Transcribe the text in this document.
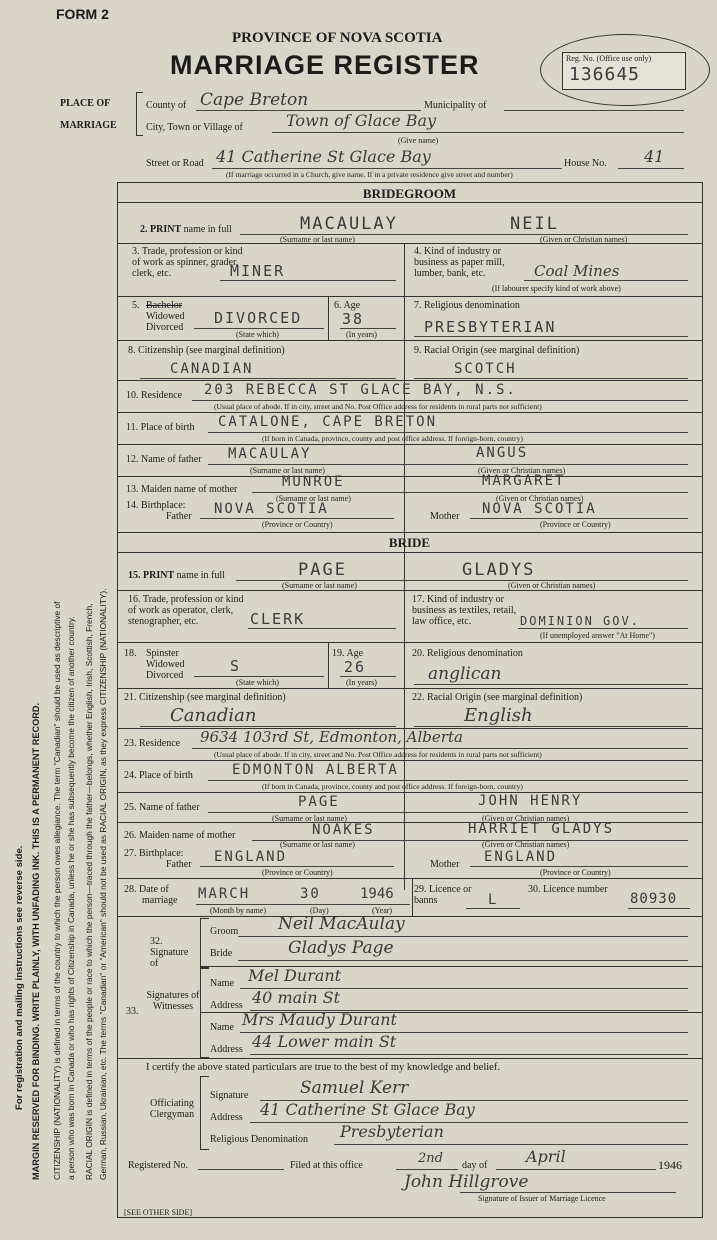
For registration and mailing instructions see reverse side. MARGIN RESERVED FOR BINDING. WRITE PLAINLY, WITH UNFADING INK. THIS IS A PERMANENT RECORD. CITIZENSHIP (NATIONALITY) is defined in terms of the country to which the person owes allegiance. The term "Canadian" should be used as descriptive of a person who was born in Canada or who has rights of Citizenship in Canada, unless he or she has subsequently become the citizen of another country. RACIAL ORIGIN is defined in terms of the people or race to which the person—traced through the father—belongs, whether English, Irish, Scottish, French, German, Russian, Ukrainian, etc. The terms "Canadian" or "American" should not be used as RACIAL ORIGIN, as they express CITIZENSHIP (NATIONALITY).
FORM 2
PROVINCE OF NOVA SCOTIA
MARRIAGE REGISTER	Reg. No. (Office use only)
136645
PLACE OF
MARRIAGE
County of Cape Breton	Municipality of
City, Town or Village of	Town of Glace Bay
(Give name)
Street or Road 41 Catherine St Glace Bay	House No.	41
(If marriage occurred in a Church, give name. If in a private residence give street and number)
BRIDEGROOM
2. PRINT name in full	MACAULAY	NEIL
(Surname or last name)	(Given or Christian names)
3. Trade, profession or kind of work as spinner, grader, clerk, etc.	MINER
4. Kind of industry or business as paper mill, lumber, bank, etc.	Coal Mines
(If labourer specify kind of work above)
5. Bachelor
Widowed
Divorced
DIVORCED
(State which)
6. Age
38
(In years)
7. Religious denomination
PRESBYTERIAN
8. Citizenship (see marginal definition)
CANADIAN
9. Racial Origin (see marginal definition)
SCOTCH
10. Residence	203 REBECCA ST GLACE BAY, N.S.
(Usual place of abode. If in city, street and No. Post Office address for residents in rural parts not sufficient)
11. Place of birth	CATALONE, CAPE BRETON
(If born in Canada, province, county and post office address. If foreign-born, country)
12. Name of father	MACAULAY	ANGUS
(Surname or last name)	(Given or Christian names)
13. Maiden name of mother	MUNROE	MARGARET
(Surname or last name)	(Given or Christian names)
14. Birthplace:
Father	NOVA SCOTIA	Mother	NOVA SCOTIA
(Province or Country)	(Province or Country)
BRIDE
15. PRINT name in full	PAGE	GLADYS
(Surname or last name)	(Given or Christian names)
16. Trade, profession or kind of work as operator, clerk, stenographer, etc.	CLERK
17. Kind of industry or business as textiles, retail, law office, etc.	DOMINION GOV.
(If unemployed answer "At Home")
18. Spinster
Widowed
Divorced
S
(State which)
19. Age
26
(In years)
20. Religious denomination
anglican
21. Citizenship (see marginal definition)
Canadian
22. Racial Origin (see marginal definition)
English
23. Residence	9634 103rd St, Edmonton, Alberta
(Usual place of abode. If in city, street and No. Post Office address for residents in rural parts not sufficient)
24. Place of birth	EDMONTON ALBERTA
(If born in Canada, province, county and post office address. If foreign-born, country)
25. Name of father	PAGE	JOHN HENRY
(Surname or last name)	(Given or Christian names)
26. Maiden name of mother	NOAKES	HARRIET GLADYS
(Surname or last name)	(Given or Christian names)
27. Birthplace:
Father	ENGLAND	Mother	ENGLAND
(Province or Country)	(Province or Country)
28. Date of
marriage MARCH	30	1946
(Month by name)	(Day)	(Year)
29. Licence or banns	L
30. Licence number
80930
32. Signature of
Groom	Neil MacAulay
Bride	Gladys Page
33.
Signatures of Witnesses
Name Mel Durant
Address 40 main St
Name Mrs Maudy Durant
Address 44 Lower main St
I certify the above stated particulars are true to the best of my knowledge and belief.
Officiating Clergyman
Signature	Samuel Kerr
Address	41 Catherine St Glace Bay
Religious Denomination	Presbyterian
Registered No.	Filed at this office	$^{2nd}$	day of	April	1946
John Hillgrove
Signature of Issuer of Marriage Licence
[SEE OTHER SIDE]
